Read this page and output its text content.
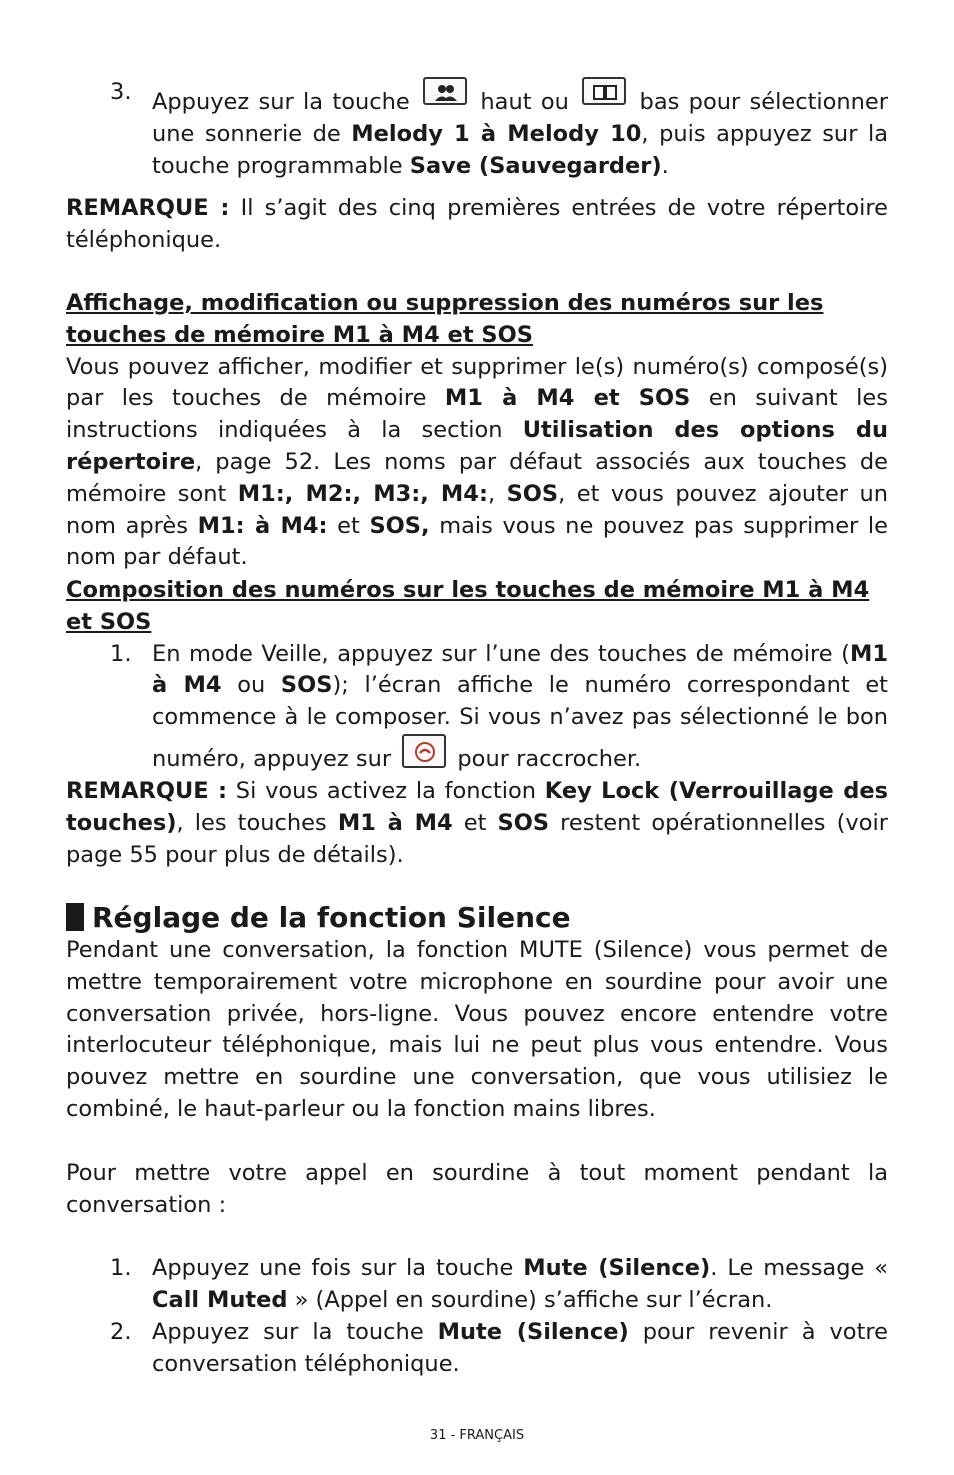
3. Appuyez sur la touche	haut ou	bas pour sélectionner une sonnerie de Melody 1 à Melody 10, puis appuyez sur la touche programmable Save (Sauvegarder).

REMARQUE : Il s’agit des cinq premières entrées de votre répertoire téléphonique.

Affichage, modification ou suppression des numéros sur les touches de mémoire M1 à M4 et SOS

Vous pouvez afficher, modifier et supprimer le(s) numéro(s) composé(s) par les touches de mémoire M1 à M4 et SOS en suivant les instructions indiquées à la section Utilisation des options du répertoire, page 52. Les noms par défaut associés aux touches de mémoire sont M1:, M2:, M3:, M4:, SOS, et vous pouvez ajouter un nom après M1: à M4: et SOS, mais vous ne pouvez pas supprimer le nom par défaut.

Composition des numéros sur les touches de mémoire M1 à M4 et SOS
1. En mode Veille, appuyez sur l’une des touches de mémoire (M1 à M4 ou SOS); l’écran affiche le numéro correspondant et commence à le composer. Si vous n’avez pas sélectionné le bon numéro, appuyez sur	pour raccrocher.

REMARQUE : Si vous activez la fonction Key Lock (Verrouillage des touches), les touches M1 à M4 et SOS restent opérationnelles (voir page 55 pour plus de détails).

Réglage de la fonction Silence

Pendant une conversation, la fonction MUTE (Silence) vous permet de mettre temporairement votre microphone en sourdine pour avoir une conversation privée, hors-ligne. Vous pouvez encore entendre votre interlocuteur téléphonique, mais lui ne peut plus vous entendre. Vous pouvez mettre en sourdine une conversation, que vous utilisiez le combiné, le haut-parleur ou la fonction mains libres.

Pour mettre votre appel en sourdine à tout moment pendant la conversation :

1. Appuyez une fois sur la touche Mute (Silence). Le message « Call Muted » (Appel en sourdine) s’affiche sur l’écran.
2. Appuyez sur la touche Mute (Silence) pour revenir à votre conversation téléphonique.
31 - FRANÇAIS
